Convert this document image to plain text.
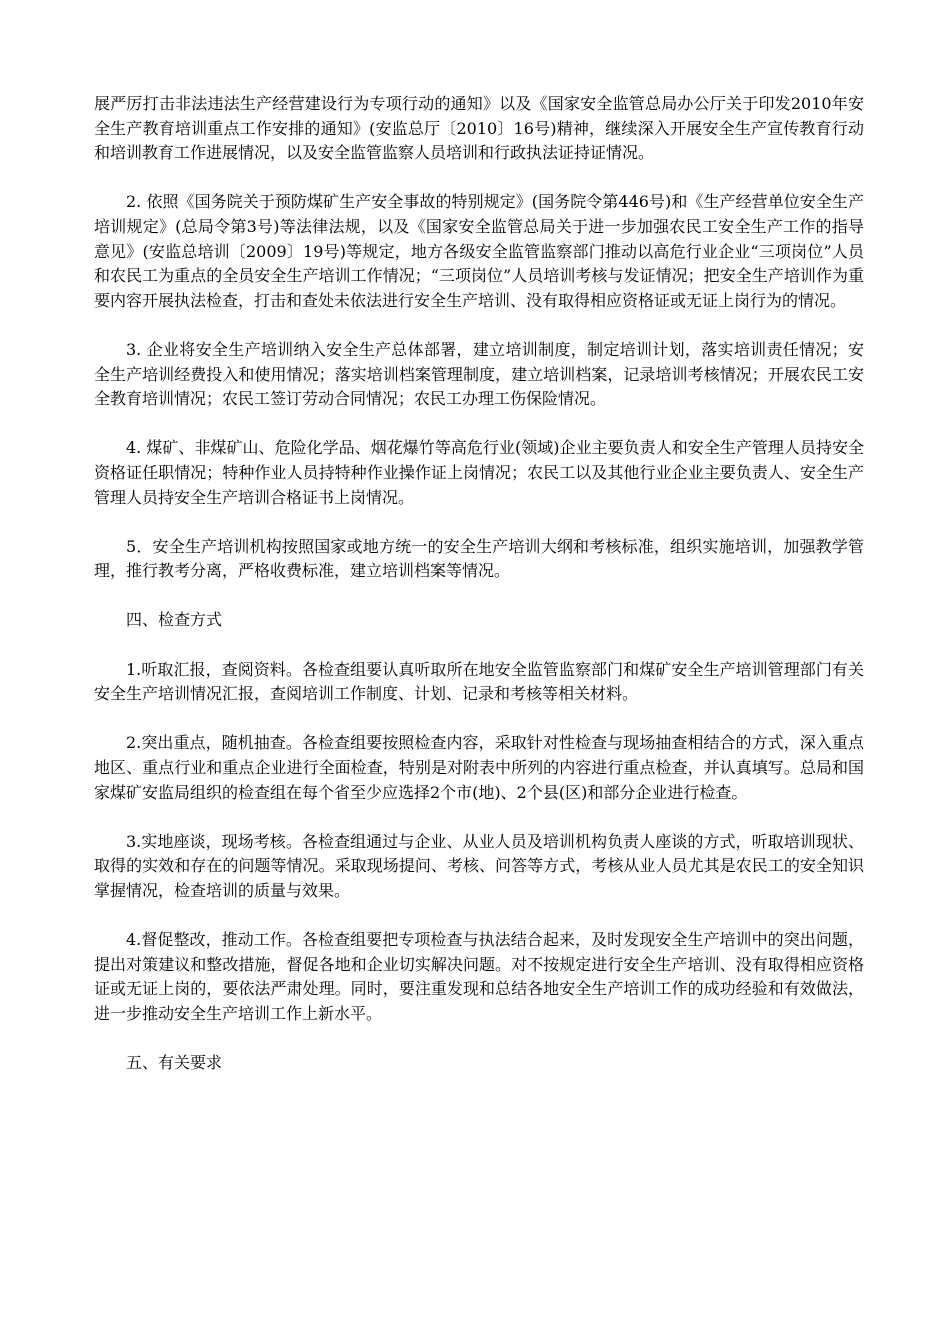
展严厉打击非法违法生产经营建设行为专项行动的通知》以及《国家安全监管总局办公厅关于印发2010年安全生产教育培训重点工作安排的通知》(安监总厅〔2010〕16号)精神，继续深入开展安全生产宣传教育行动和培训教育工作进展情况，以及安全监管监察人员培训和行政执法证持证情况。

2. 依照《国务院关于预防煤矿生产安全事故的特别规定》(国务院令第446号)和《生产经营单位安全生产培训规定》(总局令第3号)等法律法规，以及《国家安全监管总局关于进一步加强农民工安全生产工作的指导意见》(安监总培训〔2009〕19号)等规定，地方各级安全监管监察部门推动以高危行业企业“三项岗位”人员和农民工为重点的全员安全生产培训工作情况；“三项岗位”人员培训考核与发证情况；把安全生产培训作为重要内容开展执法检查，打击和查处未依法进行安全生产培训、没有取得相应资格证或无证上岗行为的情况。

3. 企业将安全生产培训纳入安全生产总体部署，建立培训制度，制定培训计划，落实培训责任情况；安全生产培训经费投入和使用情况；落实培训档案管理制度，建立培训档案，记录培训考核情况；开展农民工安全教育培训情况；农民工签订劳动合同情况；农民工办理工伤保险情况。

4. 煤矿、非煤矿山、危险化学品、烟花爆竹等高危行业(领域)企业主要负责人和安全生产管理人员持安全资格证任职情况；特种作业人员持特种作业操作证上岗情况；农民工以及其他行业企业主要负责人、安全生产管理人员持安全生产培训合格证书上岗情况。

5．安全生产培训机构按照国家或地方统一的安全生产培训大纲和考核标准，组织实施培训，加强教学管理，推行教考分离，严格收费标准，建立培训档案等情况。

四、检查方式

1.听取汇报，查阅资料。各检查组要认真听取所在地安全监管监察部门和煤矿安全生产培训管理部门有关安全生产培训情况汇报，查阅培训工作制度、计划、记录和考核等相关材料。

2.突出重点，随机抽查。各检查组要按照检查内容，采取针对性检查与现场抽查相结合的方式，深入重点地区、重点行业和重点企业进行全面检查，特别是对附表中所列的内容进行重点检查，并认真填写。总局和国家煤矿安监局组织的检查组在每个省至少应选择2个市(地)、2个县(区)和部分企业进行检查。

3.实地座谈，现场考核。各检查组通过与企业、从业人员及培训机构负责人座谈的方式，听取培训现状、取得的实效和存在的问题等情况。采取现场提问、考核、问答等方式，考核从业人员尤其是农民工的安全知识掌握情况，检查培训的质量与效果。

4.督促整改，推动工作。各检查组要把专项检查与执法结合起来，及时发现安全生产培训中的突出问题，提出对策建议和整改措施，督促各地和企业切实解决问题。对不按规定进行安全生产培训、没有取得相应资格证或无证上岗的，要依法严肃处理。同时，要注重发现和总结各地安全生产培训工作的成功经验和有效做法，进一步推动安全生产培训工作上新水平。

五、有关要求
